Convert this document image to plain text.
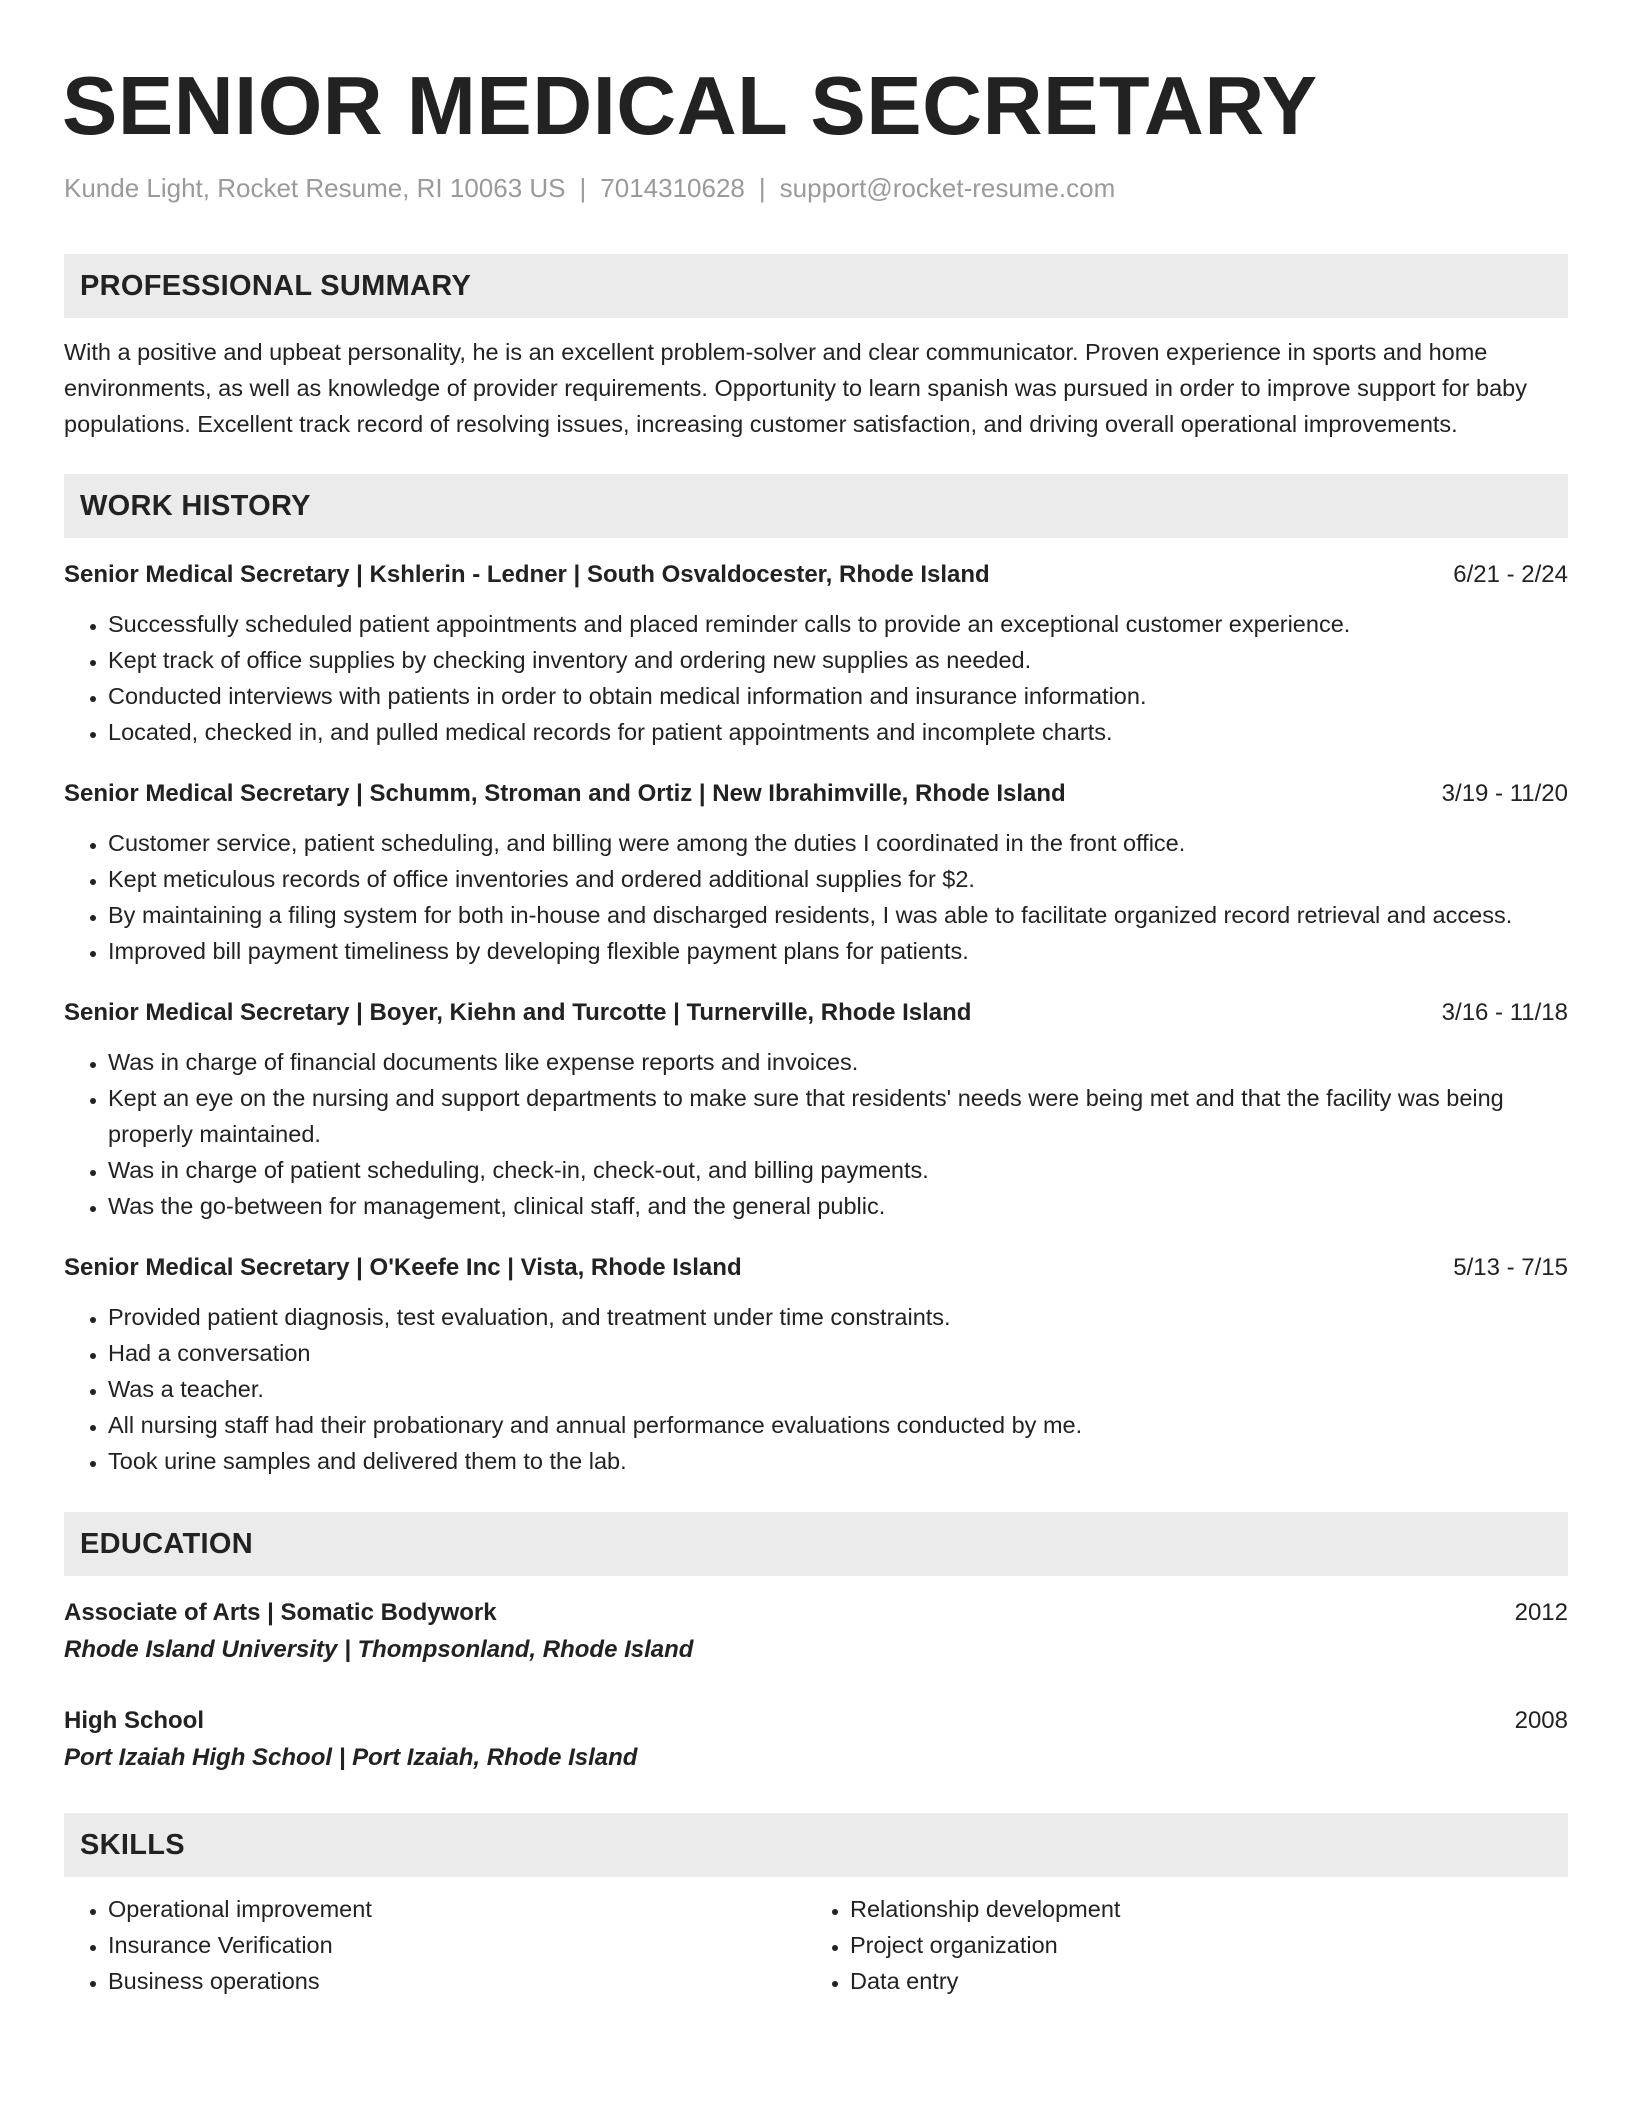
SENIOR MEDICAL SECRETARY
Kunde Light, Rocket Resume, RI 10063 US | 7014310628 | support@rocket-resume.com
PROFESSIONAL SUMMARY
With a positive and upbeat personality, he is an excellent problem-solver and clear communicator. Proven experience in sports and home environments, as well as knowledge of provider requirements. Opportunity to learn spanish was pursued in order to improve support for baby populations. Excellent track record of resolving issues, increasing customer satisfaction, and driving overall operational improvements.
WORK HISTORY
Senior Medical Secretary | Kshlerin - Ledner | South Osvaldocester, Rhode Island	6/21 - 2/24
• Successfully scheduled patient appointments and placed reminder calls to provide an exceptional customer experience.
• Kept track of office supplies by checking inventory and ordering new supplies as needed.
• Conducted interviews with patients in order to obtain medical information and insurance information.
• Located, checked in, and pulled medical records for patient appointments and incomplete charts.
Senior Medical Secretary | Schumm, Stroman and Ortiz | New Ibrahimville, Rhode Island	3/19 - 11/20
• Customer service, patient scheduling, and billing were among the duties I coordinated in the front office.
• Kept meticulous records of office inventories and ordered additional supplies for $2.
• By maintaining a filing system for both in-house and discharged residents, I was able to facilitate organized record retrieval and access.
• Improved bill payment timeliness by developing flexible payment plans for patients.
Senior Medical Secretary | Boyer, Kiehn and Turcotte | Turnerville, Rhode Island	3/16 - 11/18
• Was in charge of financial documents like expense reports and invoices.
• Kept an eye on the nursing and support departments to make sure that residents' needs were being met and that the facility was being properly maintained.
• Was in charge of patient scheduling, check-in, check-out, and billing payments.
• Was the go-between for management, clinical staff, and the general public.
Senior Medical Secretary | O'Keefe Inc | Vista, Rhode Island	5/13 - 7/15
• Provided patient diagnosis, test evaluation, and treatment under time constraints.
• Had a conversation
• Was a teacher.
• All nursing staff had their probationary and annual performance evaluations conducted by me.
• Took urine samples and delivered them to the lab.
EDUCATION
Associate of Arts | Somatic Bodywork	2012
Rhode Island University | Thompsonland, Rhode Island
High School	2008
Port Izaiah High School | Port Izaiah, Rhode Island
SKILLS
• Operational improvement
• Insurance Verification
• Business operations
• Relationship development
• Project organization
• Data entry
